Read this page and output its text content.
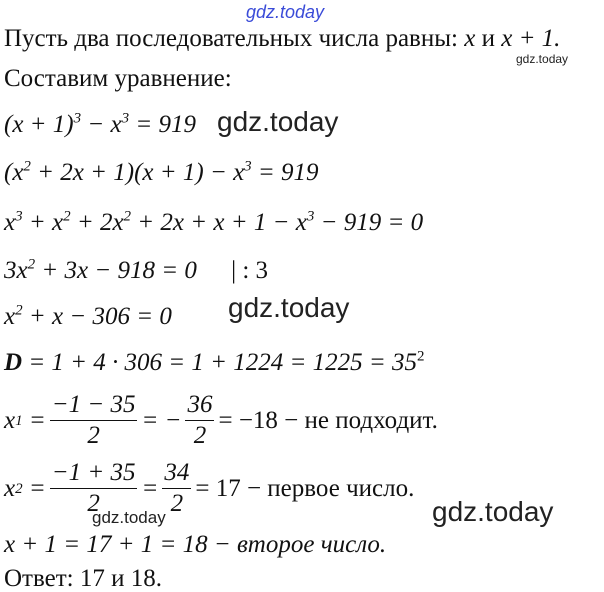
gdz.today
gdz.today
Пусть два последовательных числа равны: x и x + 1.
Составим уравнение:
$(x + 1)^3 - x^3 = 919$ gdz.today
$(x^2 + 2x + 1)(x + 1) - x^3 = 919$
$x^3 + x^2 + 2x^2 + 2x + x + 1 - x^3 - 919 = 0$
$3x^2 + 3x - 918 = 0$ | : 3
$x^2 + x - 306 = 0$ gdz.today
$D = 1 + 4 \cdot 306 = 1 + 1224 = 1225 = 35^2$
x $1 = \frac{-1 - 35}{2}$ = − $\frac{36}{2} = -18$ − не подходит.
x $2 = \frac{-1 + 35}{2} = \frac{34}{2} = 17$ − первое число.
gdz.today	gdz.today
x + 1 = 17 + 1 = 18 − второе число.
Ответ: 17 и 18.
